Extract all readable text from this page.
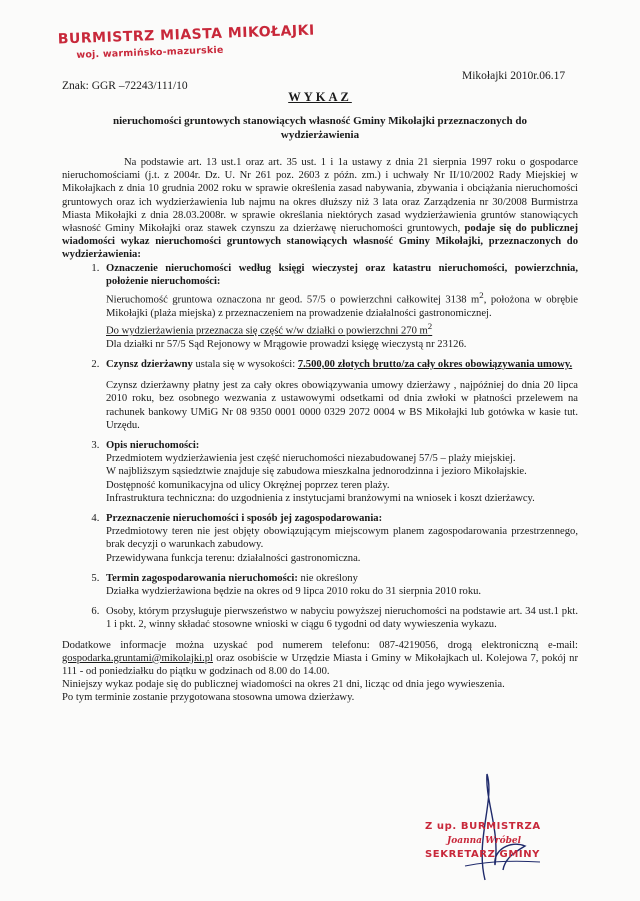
BURMISTRZ MIASTA MIKOŁAJKI
woj. warmińsko-mazurskie
Mikołajki 2010r.06.17
Znak: GGR –72243/111/10
WYKAZ
nieruchomości gruntowych stanowiących własność Gminy Mikołajki przeznaczonych do wydzierżawienia

Na podstawie art. 13 ust.1 oraz art. 35 ust. 1 i 1a ustawy z dnia 21 sierpnia 1997 roku o gospodarce nieruchomościami (j.t. z 2004r. Dz. U. Nr 261 poz. 2603 z późn. zm.) i uchwały Nr II/10/2002 Rady Miejskiej w Mikołajkach z dnia 10 grudnia 2002 roku w sprawie określenia zasad nabywania, zbywania i obciążania nieruchomości gruntowych oraz ich wydzierżawienia lub najmu na okres dłuższy niż 3 lata oraz Zarządzenia nr 30/2008 Burmistrza Miasta Mikołajki z dnia 28.03.2008r. w sprawie określania niektórych zasad wydzierżawienia gruntów stanowiących własność Gminy Mikołajki oraz stawek czynszu za dzierżawę nieruchomości gruntowych, podaje się do publicznej wiadomości wykaz nieruchomości gruntowych stanowiących własność Gminy Mikołajki, przeznaczonych do wydzierżawienia:

1. Oznaczenie nieruchomości według księgi wieczystej oraz katastru nieruchomości, powierzchnia, położenie nieruchomości:
Nieruchomość gruntowa oznaczona nr geod. 57/5 o powierzchni całkowitej 3138 $m^2$, położona w obrębie Mikołajki (plaża miejska) z przeznaczeniem na prowadzenie działalności gastronomicznej.
Do wydzierżawienia przeznacza się część w/w działki o powierzchni 270 $m^2$
Dla działki nr 57/5 Sąd Rejonowy w Mrągowie prowadzi księgę wieczystą nr 23126.
2. Czynsz dzierżawny ustala się w wysokości: 7.500,00 złotych brutto/za cały okres obowiązywania umowy.
Czynsz dzierżawny płatny jest za cały okres obowiązywania umowy dzierżawy , najpóźniej do dnia 20 lipca 2010 roku, bez osobnego wezwania z ustawowymi odsetkami od dnia zwłoki w płatności przelewem na rachunek bankowy UMiG Nr 08 9350 0001 0000 0329 2072 0004 w BS Mikołajki lub gotówka w kasie tut. Urzędu.
3. Opis nieruchomości:
Przedmiotem wydzierżawienia jest część nieruchomości niezabudowanej 57/5 – plaży miejskiej.
W najbliższym sąsiedztwie znajduje się zabudowa mieszkalna jednorodzinna i jezioro Mikołajskie.
Dostępność komunikacyjna od ulicy Okrężnej poprzez teren plaży.
Infrastruktura techniczna: do uzgodnienia z instytucjami branżowymi na wniosek i koszt dzierżawcy.
4. Przeznaczenie nieruchomości i sposób jej zagospodarowania:
Przedmiotowy teren nie jest objęty obowiązującym miejscowym planem zagospodarowania przestrzennego, brak decyzji o warunkach zabudowy.
Przewidywana funkcja terenu: działalności gastronomiczna.
5. Termin zagospodarowania nieruchomości: nie określony
Działka wydzierżawiona będzie na okres od 9 lipca 2010 roku do 31 sierpnia 2010 roku.
6. Osoby, którym przysługuje pierwszeństwo w nabyciu powyższej nieruchomości na podstawie art. 34 ust.1 pkt. 1 i pkt. 2, winny składać stosowne wnioski w ciągu 6 tygodni od daty wywieszenia wykazu.

Dodatkowe informacje można uzyskać pod numerem telefonu: 087-4219056, drogą elektroniczną e-mail: gospodarka.gruntami@mikolajki.pl oraz osobiście w Urzędzie Miasta i Gminy w Mikołajkach ul. Kolejowa 7, pokój nr 111 - od poniedziałku do piątku w godzinach od 8.00 do 14.00.

Niniejszy wykaz podaje się do publicznej wiadomości na okres 21 dni, licząc od dnia jego wywieszenia.

Po tym terminie zostanie przygotowana stosowna umowa dzierżawy.

Z up. BURMISTRZA
Joanna Wróbel
SEKRETARZ GMINY
